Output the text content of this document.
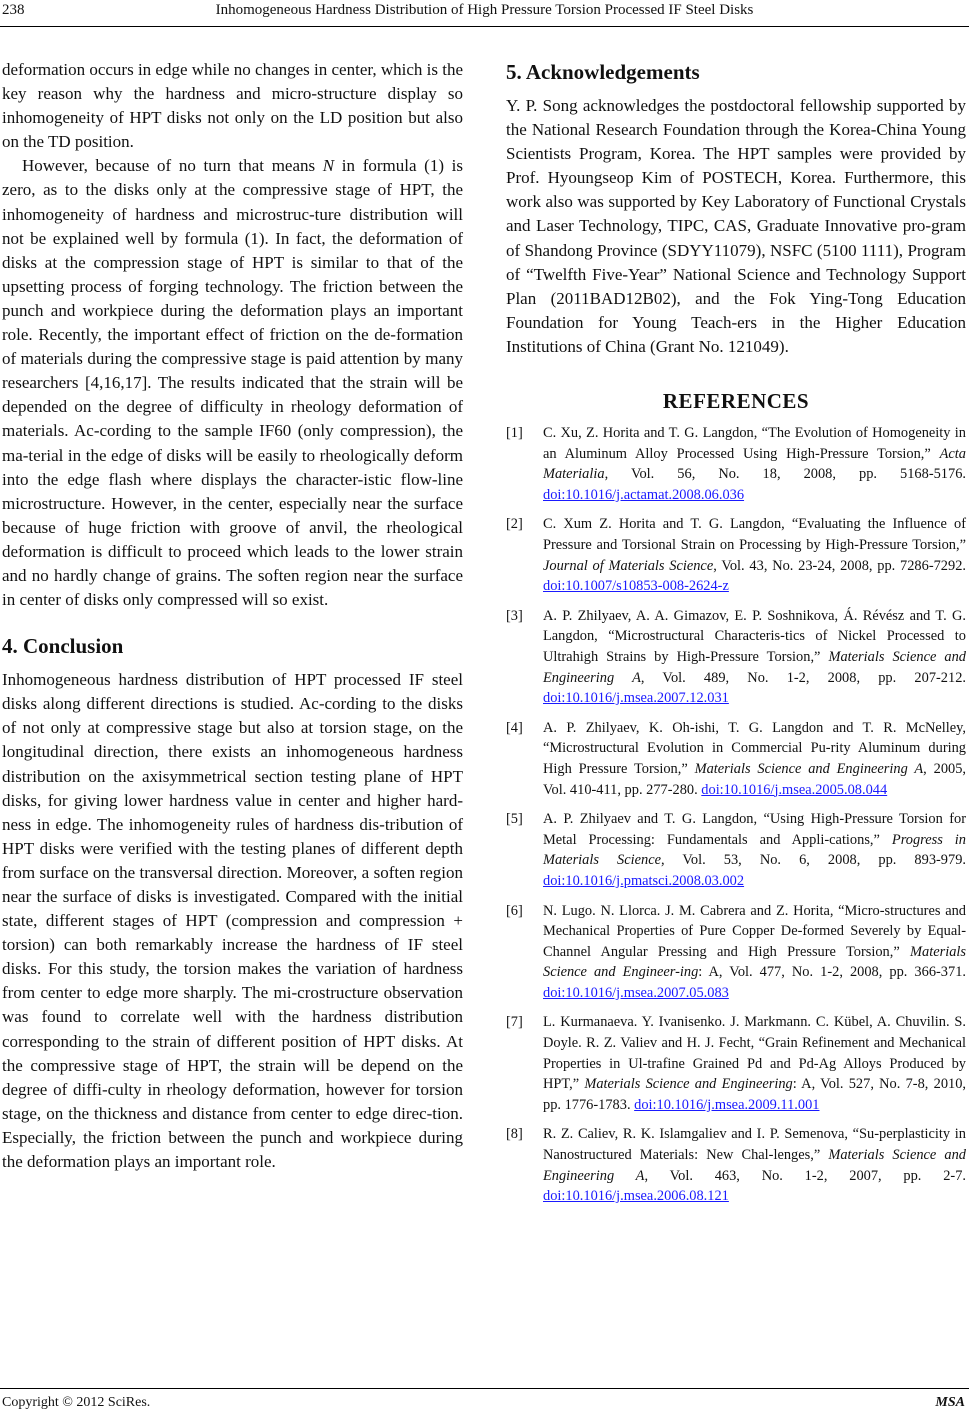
238	Inhomogeneous Hardness Distribution of High Pressure Torsion Processed IF Steel Disks

deformation occurs in edge while no changes in center, which is the key reason why the hardness and micro-structure display so inhomogeneity of HPT disks not only on the LD position but also on the TD position.

However, because of no turn that means N in formula (1) is zero, as to the disks only at the compressive stage of HPT, the inhomogeneity of hardness and microstruc-ture distribution will not be explained well by formula (1). In fact, the deformation of disks at the compression stage of HPT is similar to that of the upsetting process of forging technology. The friction between the punch and workpiece during the deformation plays an important role. Recently, the important effect of friction on the de-formation of materials during the compressive stage is paid attention by many researchers [4,16,17]. The results indicated that the strain will be depended on the degree of difficulty in rheology deformation of materials. Ac-cording to the sample IF60 (only compression), the ma-terial in the edge of disks will be easily to rheologically deform into the edge flash where displays the character-istic flow-line microstructure. However, in the center, especially near the surface because of huge friction with groove of anvil, the rheological deformation is difficult to proceed which leads to the lower strain and no hardly change of grains. The soften region near the surface in center of disks only compressed will so exist.

4. Conclusion

Inhomogeneous hardness distribution of HPT processed IF steel disks along different directions is studied. Ac-cording to the disks of not only at compressive stage but also at torsion stage, on the longitudinal direction, there exists an inhomogeneous hardness distribution on the axisymmetrical section testing plane of HPT disks, for giving lower hardness value in center and higher hard-ness in edge. The inhomogeneity rules of hardness dis-tribution of HPT disks were verified with the testing planes of different depth from surface on the transversal direction. Moreover, a soften region near the surface of disks is investigated. Compared with the initial state, different stages of HPT (compression and compression + torsion) can both remarkably increase the hardness of IF steel disks. For this study, the torsion makes the variation of hardness from center to edge more sharply. The mi-crostructure observation was found to correlate well with the hardness distribution corresponding to the strain of different position of HPT disks. At the compressive stage of HPT, the strain will be depend on the degree of diffi-culty in rheology deformation, however for torsion stage, on the thickness and distance from center to edge direc-tion. Especially, the friction between the punch and workpiece during the deformation plays an important role.

5. Acknowledgements

Y. P. Song acknowledges the postdoctoral fellowship supported by the National Research Foundation through the Korea-China Young Scientists Program, Korea. The HPT samples were provided by Prof. Hyoungseop Kim of POSTECH, Korea. Furthermore, this work also was supported by Key Laboratory of Functional Crystals and Laser Technology, TIPC, CAS, Graduate Innovative pro-gram of Shandong Province (SDYY11079), NSFC (5100 1111), Program of “Twelfth Five-Year” National Science and Technology Support Plan (2011BAD12B02), and the Fok Ying-Tong Education Foundation for Young Teach-ers in the Higher Education Institutions of China (Grant No. 121049).

REFERENCES
[1]	C. Xu, Z. Horita and T. G. Langdon, “The Evolution of Homogeneity in an Aluminum Alloy Processed Using High-Pressure Torsion,” Acta Materialia, Vol. 56, No. 18, 2008, pp. 5168-5176. doi:10.1016/j.actamat.2008.06.036
[2]	C. Xum Z. Horita and T. G. Langdon, “Evaluating the Influence of Pressure and Torsional Strain on Processing by High-Pressure Torsion,” Journal of Materials Science, Vol. 43, No. 23-24, 2008, pp. 7286-7292. doi:10.1007/s10853-008-2624-z
[3]	A. P. Zhilyaev, A. A. Gimazov, E. P. Soshnikova, Á. Révész and T. G. Langdon, “Microstructural Characteris-tics of Nickel Processed to Ultrahigh Strains by High-Pressure Torsion,” Materials Science and Engineering A, Vol. 489, No. 1-2, 2008, pp. 207-212. doi:10.1016/j.msea.2007.12.031
[4]	A. P. Zhilyaev, K. Oh-ishi, T. G. Langdon and T. R. McNelley, “Microstructural Evolution in Commercial Pu-rity Aluminum during High Pressure Torsion,” Materials Science and Engineering A, 2005, Vol. 410-411, pp. 277-280. doi:10.1016/j.msea.2005.08.044
[5]	A. P. Zhilyaev and T. G. Langdon, “Using High-Pressure Torsion for Metal Processing: Fundamentals and Appli-cations,” Progress in Materials Science, Vol. 53, No. 6, 2008, pp. 893-979. doi:10.1016/j.pmatsci.2008.03.002
[6]	N. Lugo. N. Llorca. J. M. Cabrera and Z. Horita, “Micro-structures and Mechanical Properties of Pure Copper De-formed Severely by Equal-Channel Angular Pressing and High Pressure Torsion,” Materials Science and Engineer-ing: A, Vol. 477, No. 1-2, 2008, pp. 366-371. doi:10.1016/j.msea.2007.05.083
[7]	L. Kurmanaeva. Y. Ivanisenko. J. Markmann. C. Kübel, A. Chuvilin. S. Doyle. R. Z. Valiev and H. J. Fecht, “Grain Refinement and Mechanical Properties in Ul-trafine Grained Pd and Pd-Ag Alloys Produced by HPT,” Materials Science and Engineering: A, Vol. 527, No. 7-8, 2010, pp. 1776-1783. doi:10.1016/j.msea.2009.11.001
[8]	R. Z. Caliev, R. K. Islamgaliev and I. P. Semenova, “Su-perplasticity in Nanostructured Materials: New Chal-lenges,” Materials Science and Engineering A, Vol. 463, No. 1-2, 2007, pp. 2-7. doi:10.1016/j.msea.2006.08.121
Copyright © 2012 SciRes.	MSA
